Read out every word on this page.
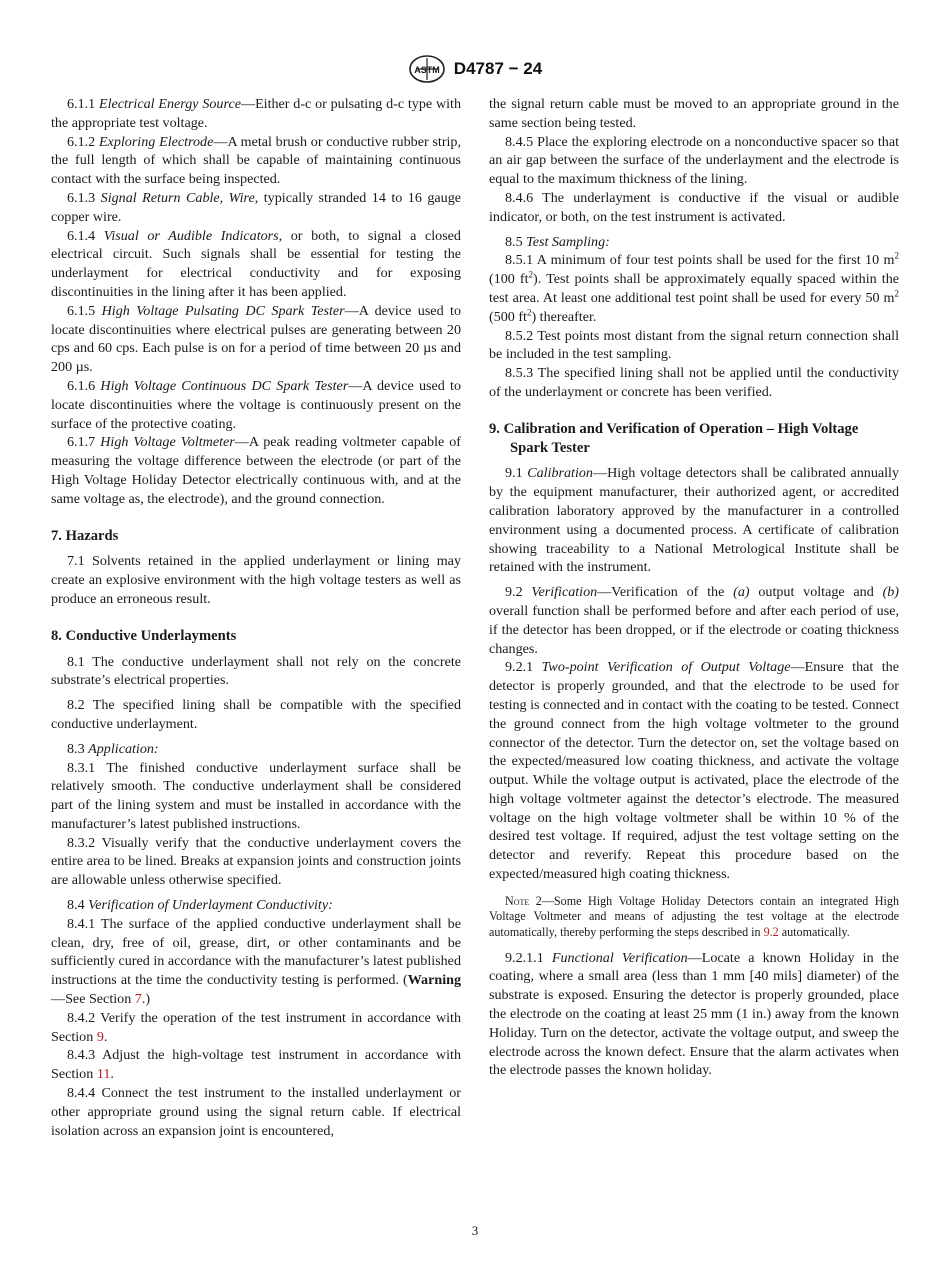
ASTM D4787 − 24

6.1.1 Electrical Energy Source—Either d-c or pulsating d-c type with the appropriate test voltage.

6.1.2 Exploring Electrode—A metal brush or conductive rubber strip, the full length of which shall be capable of maintaining continuous contact with the surface being inspected.

6.1.3 Signal Return Cable, Wire, typically stranded 14 to 16 gauge copper wire.

6.1.4 Visual or Audible Indicators, or both, to signal a closed electrical circuit. Such signals shall be essential for testing the underlayment for electrical conductivity and for exposing discontinuities in the lining after it has been applied.

6.1.5 High Voltage Pulsating DC Spark Tester—A device used to locate discontinuities where electrical pulses are generating between 20 cps and 60 cps. Each pulse is on for a period of time between 20 µs and 200 µs.

6.1.6 High Voltage Continuous DC Spark Tester—A device used to locate discontinuities where the voltage is continuously present on the surface of the protective coating.

6.1.7 High Voltage Voltmeter—A peak reading voltmeter capable of measuring the voltage difference between the electrode (or part of the High Voltage Holiday Detector electrically continuous with, and at the same voltage as, the electrode), and the ground connection.

7. Hazards

7.1 Solvents retained in the applied underlayment or lining may create an explosive environment with the high voltage testers as well as produce an erroneous result.

8. Conductive Underlayments

8.1 The conductive underlayment shall not rely on the concrete substrate’s electrical properties.

8.2 The specified lining shall be compatible with the specified conductive underlayment.

8.3 Application:

8.3.1 The finished conductive underlayment surface shall be relatively smooth. The conductive underlayment shall be considered part of the lining system and must be installed in accordance with the manufacturer’s latest published instructions.

8.3.2 Visually verify that the conductive underlayment covers the entire area to be lined. Breaks at expansion joints and construction joints are allowable unless otherwise specified.

8.4 Verification of Underlayment Conductivity:

8.4.1 The surface of the applied conductive underlayment shall be clean, dry, free of oil, grease, dirt, or other contaminants and be sufficiently cured in accordance with the manufacturer’s latest published instructions at the time the conductivity testing is performed. (Warning—See Section 7.)

8.4.2 Verify the operation of the test instrument in accordance with Section 9.

8.4.3 Adjust the high-voltage test instrument in accordance with Section 11.

8.4.4 Connect the test instrument to the installed underlayment or other appropriate ground using the signal return cable. If electrical isolation across an expansion joint is encountered,

the signal return cable must be moved to an appropriate ground in the same section being tested.

8.4.5 Place the exploring electrode on a nonconductive spacer so that an air gap between the surface of the underlayment and the electrode is equal to the maximum thickness of the lining.

8.4.6 The underlayment is conductive if the visual or audible indicator, or both, on the test instrument is activated.

8.5 Test Sampling:

8.5.1 A minimum of four test points shall be used for the first 10 $m^2$ (100 $ft^2$). Test points shall be approximately equally spaced within the test area. At least one additional test point shall be used for every 50 $m^2$ (500 $ft^2$) thereafter.

8.5.2 Test points most distant from the signal return connection shall be included in the test sampling.

8.5.3 The specified lining shall not be applied until the conductivity of the underlayment or concrete has been verified.

9. Calibration and Verification of Operation – High Voltage Spark Tester

9.1 Calibration—High voltage detectors shall be calibrated annually by the equipment manufacturer, their authorized agent, or accredited calibration laboratory approved by the manufacturer in a controlled environment using a documented process. A certificate of calibration showing traceability to a National Metrological Institute shall be retained with the instrument.

9.2 Verification—Verification of the (a) output voltage and (b) overall function shall be performed before and after each period of use, if the detector has been dropped, or if the electrode or coating thickness changes.

9.2.1 Two-point Verification of Output Voltage—Ensure that the detector is properly grounded, and that the electrode to be used for testing is connected and in contact with the coating to be tested. Connect the ground connect from the high voltage voltmeter to the ground connector of the detector. Turn the detector on, set the voltage based on the expected/measured low coating thickness, and activate the voltage output. While the voltage output is activated, place the electrode of the high voltage voltmeter against the detector’s electrode. The measured voltage on the high voltage voltmeter shall be within 10 % of the desired test voltage. If required, adjust the test voltage setting on the detector and reverify. Repeat this procedure based on the expected/measured high coating thickness.

Note 2—Some High Voltage Holiday Detectors contain an integrated High Voltage Voltmeter and means of adjusting the test voltage at the electrode automatically, thereby performing the steps described in 9.2 automatically.

9.2.1.1 Functional Verification—Locate a known Holiday in the coating, where a small area (less than 1 mm [40 mils] diameter) of the substrate is exposed. Ensuring the detector is properly grounded, place the electrode on the coating at least 25 mm (1 in.) away from the known Holiday. Turn on the detector, activate the voltage output, and sweep the electrode across the known defect. Ensure that the alarm activates when the electrode passes the known holiday.

3
